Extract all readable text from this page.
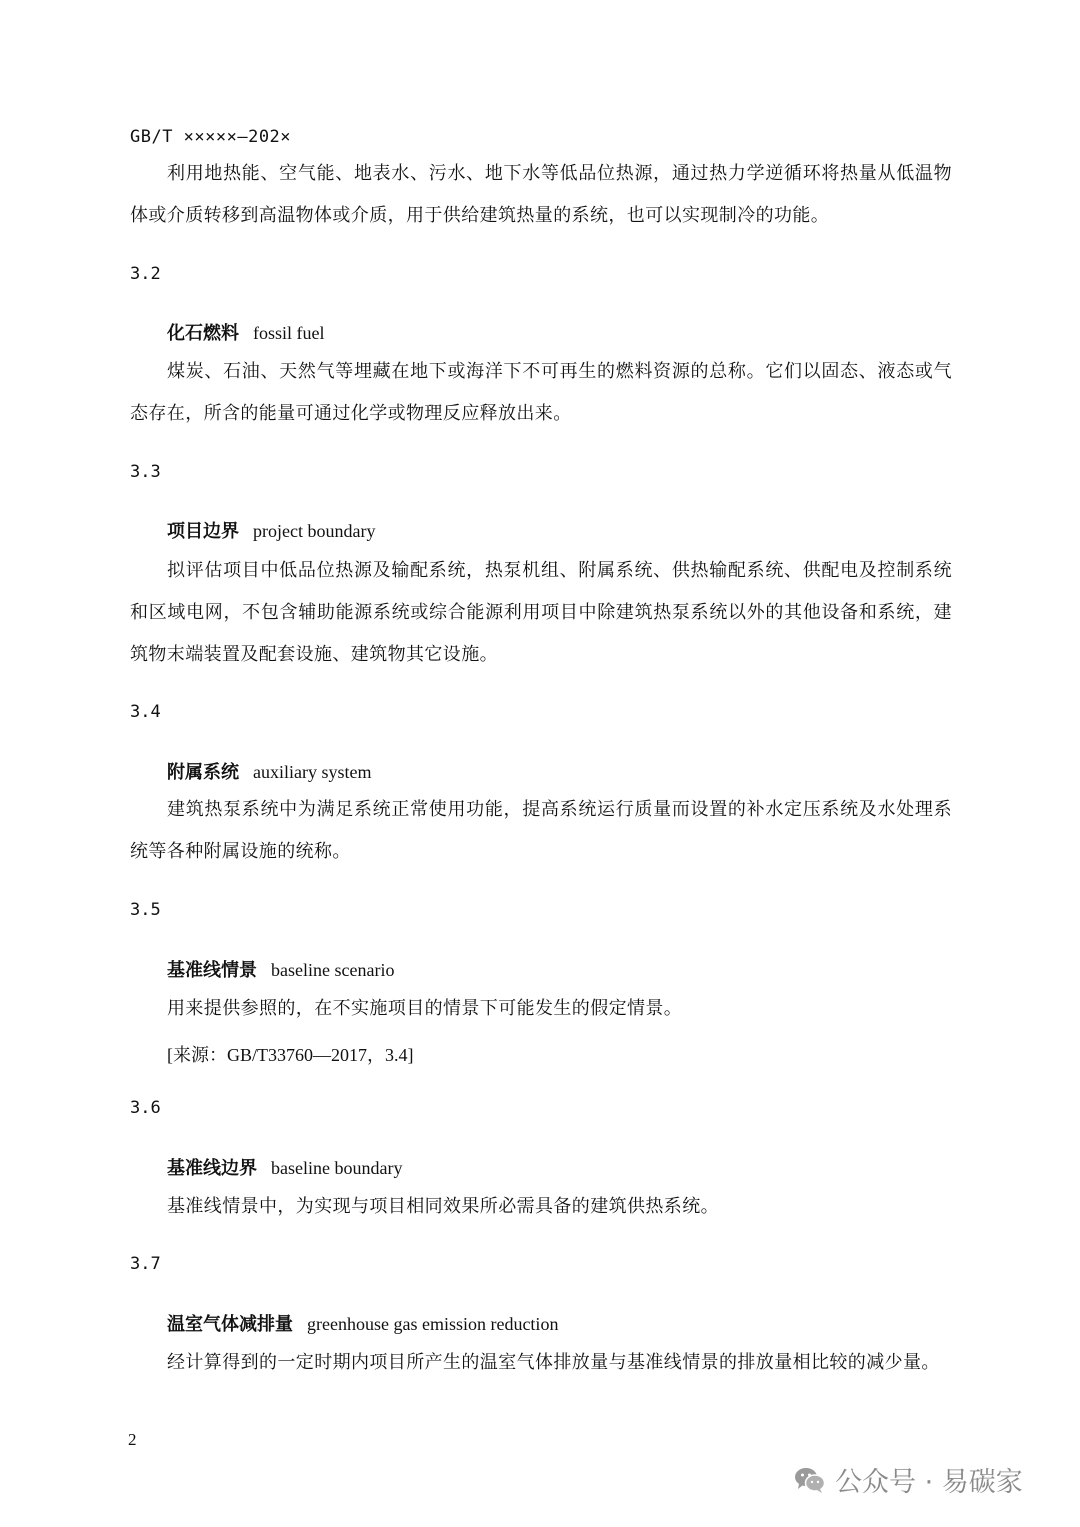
GB/T ×××××—202×
利用地热能、空气能、地表水、污水、地下水等低品位热源，通过热力学逆循环将热量从低温物体或介质转移到高温物体或介质，用于供给建筑热量的系统，也可以实现制冷的功能。
3.2
化石燃料 fossil fuel
煤炭、石油、天然气等埋藏在地下或海洋下不可再生的燃料资源的总称。它们以固态、液态或气态存在，所含的能量可通过化学或物理反应释放出来。
3.3
项目边界 project boundary
拟评估项目中低品位热源及输配系统，热泵机组、附属系统、供热输配系统、供配电及控制系统和区域电网，不包含辅助能源系统或综合能源利用项目中除建筑热泵系统以外的其他设备和系统，建筑物末端装置及配套设施、建筑物其它设施。
3.4
附属系统 auxiliary system
建筑热泵系统中为满足系统正常使用功能，提高系统运行质量而设置的补水定压系统及水处理系统等各种附属设施的统称。
3.5
基准线情景 baseline scenario
用来提供参照的，在不实施项目的情景下可能发生的假定情景。
[来源：GB/T33760—2017，3.4]
3.6
基准线边界 baseline boundary
基准线情景中，为实现与项目相同效果所必需具备的建筑供热系统。
3.7
温室气体减排量 greenhouse gas emission reduction
经计算得到的一定时期内项目所产生的温室气体排放量与基准线情景的排放量相比较的减少量。
2
公众号 · 易碳家
